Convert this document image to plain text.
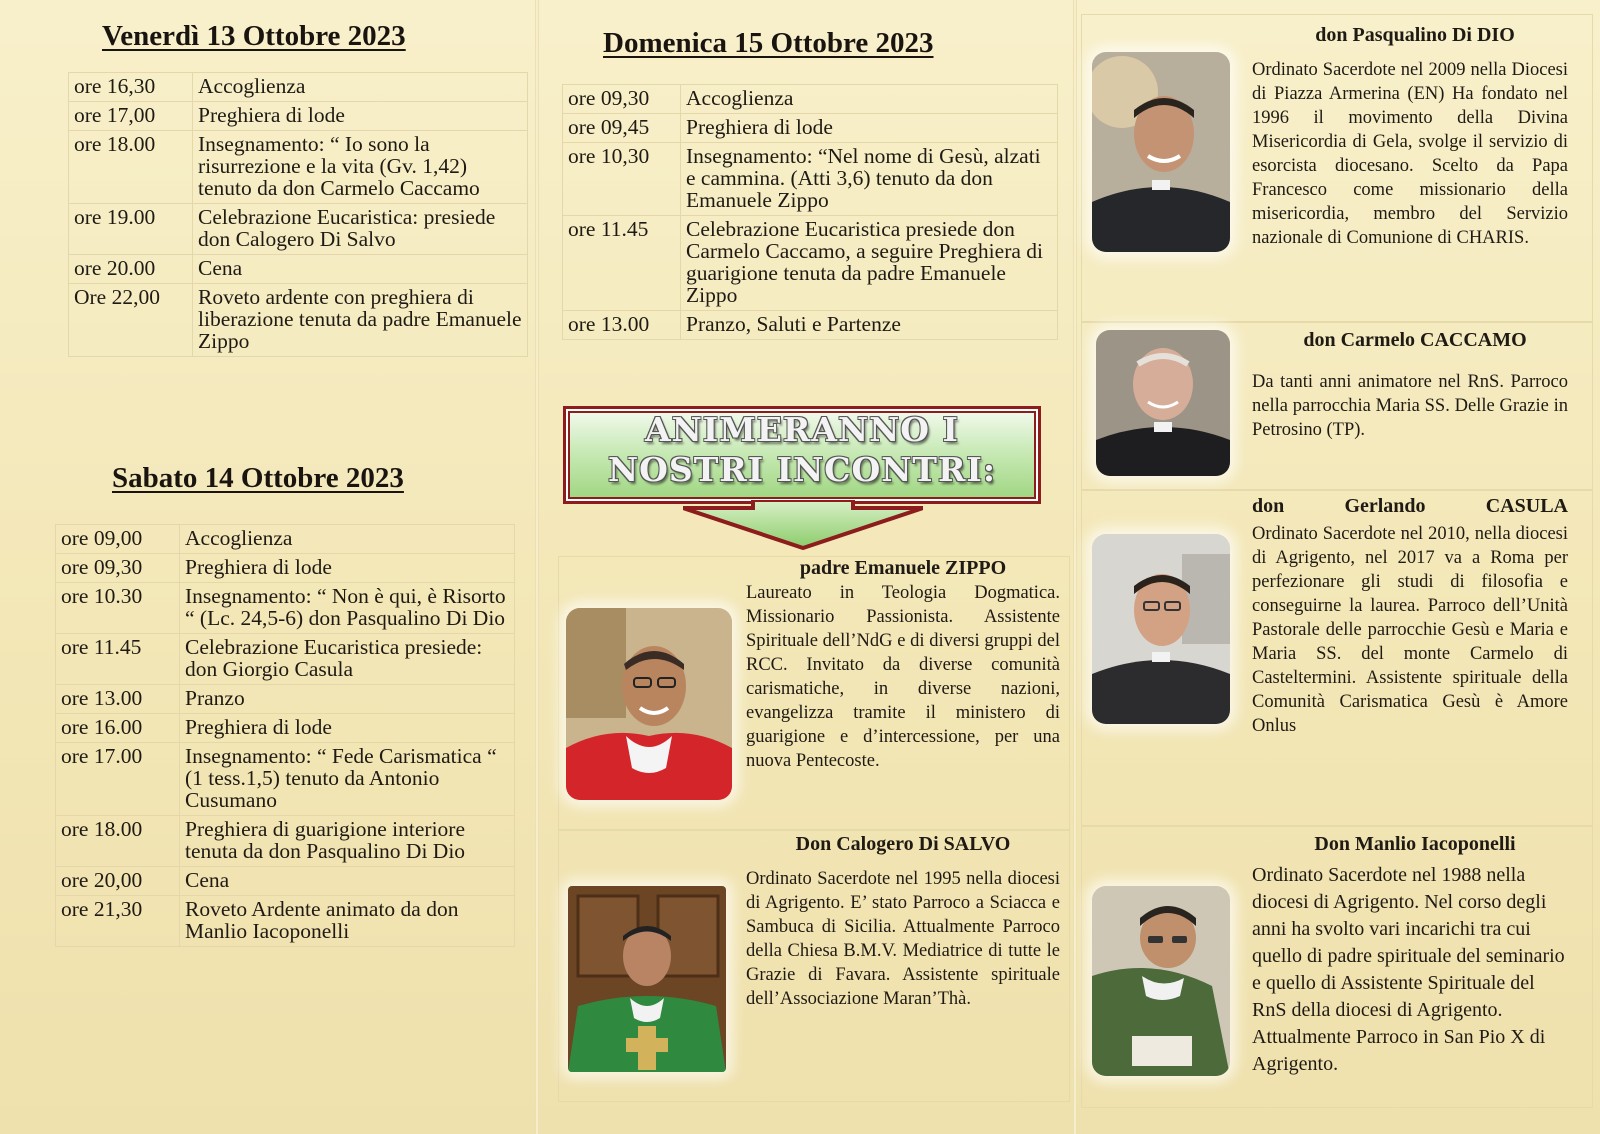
Venerdì 13 Ottobre 2023
ore 16,30	Accoglienza
ore 17,00	Preghiera di lode
ore 18.00	Insegnamento: “ Io sono la risurrezione e la vita (Gv. 1,42) tenuto da don Carmelo Caccamo
ore 19.00	Celebrazione Eucaristica: presiede don Calogero Di Salvo
ore 20.00	Cena
Ore 22,00	Roveto ardente con preghiera di liberazione tenuta da padre Emanuele Zippo
Sabato 14 Ottobre 2023
ore 09,00	Accoglienza
ore 09,30	Preghiera di lode
ore 10.30	Insegnamento: “ Non è qui, è Risorto “ (Lc. 24,5-6) don Pasqualino Di Dio
ore 11.45	Celebrazione Eucaristica presiede: don Giorgio Casula
ore 13.00	Pranzo
ore 16.00	Preghiera di lode
ore 17.00	Insegnamento: “ Fede Carismatica “ (1 tess.1,5) tenuto da Antonio Cusumano
ore 18.00	Preghiera di guarigione interiore tenuta da don Pasqualino Di Dio
ore 20,00	Cena
ore 21,30	Roveto Ardente animato da don Manlio Iacoponelli
Domenica 15 Ottobre 2023
ore 09,30	Accoglienza
ore 09,45	Preghiera di lode
ore 10,30	Insegnamento: “Nel nome di Gesù, alzati e cammina. (Atti 3,6) tenuto da don Emanuele Zippo
ore 11.45	Celebrazione Eucaristica presiede don Carmelo Caccamo, a seguire Preghiera di guarigione tenuta da padre Emanuele Zippo
ore 13.00	Pranzo, Saluti e Partenze
ANIMERANNO I
NOSTRI INCONTRI:
padre Emanuele ZIPPO

Laureato in Teologia Dogmatica. Missionario Passionista. Assistente Spirituale dell’NdG e di diversi gruppi del RCC. Invitato da diverse comunità carismatiche, in diverse nazioni, evangelizza tramite il ministero di guarigione e d’intercessione, per una nuova Pentecoste.

Don Calogero Di SALVO

Ordinato Sacerdote nel 1995 nella diocesi di Agrigento. E’ stato Parroco a Sciacca e Sambuca di Sicilia. Attualmente Parroco della Chiesa B.M.V. Mediatrice di tutte le Grazie di Favara. Assistente spirituale dell’Associazione Maran’Thà.

don Pasqualino Di DIO

Ordinato Sacerdote nel 2009 nella Diocesi di Piazza Armerina (EN) Ha fondato nel 1996 il movimento della Divina Misericordia di Gela, svolge il servizio di esorcista diocesano. Scelto da Papa Francesco come missionario della misericordia, membro del Servizio nazionale di Comunione di CHARIS.

don Carmelo CACCAMO

Da tanti anni animatore nel RnS. Parroco nella parrocchia Maria SS. Delle Grazie in Petrosino (TP).

don Gerlando CASULA

Ordinato Sacerdote nel 2010, nella diocesi di Agrigento, nel 2017 va a Roma per perfezionare gli studi di filosofia e conseguirne la laurea. Parroco dell’Unità Pastorale delle parrocchie Gesù e Maria e Maria SS. del monte Carmelo di Casteltermini. Assistente spirituale della Comunità Carismatica Gesù è Amore Onlus

Don Manlio Iacoponelli

Ordinato Sacerdote nel 1988 nella diocesi di Agrigento. Nel corso degli anni ha svolto vari incarichi tra cui quello di padre spirituale del seminario e quello di Assistente Spirituale del RnS della diocesi di Agrigento. Attualmente Parroco in San Pio X di Agrigento.
